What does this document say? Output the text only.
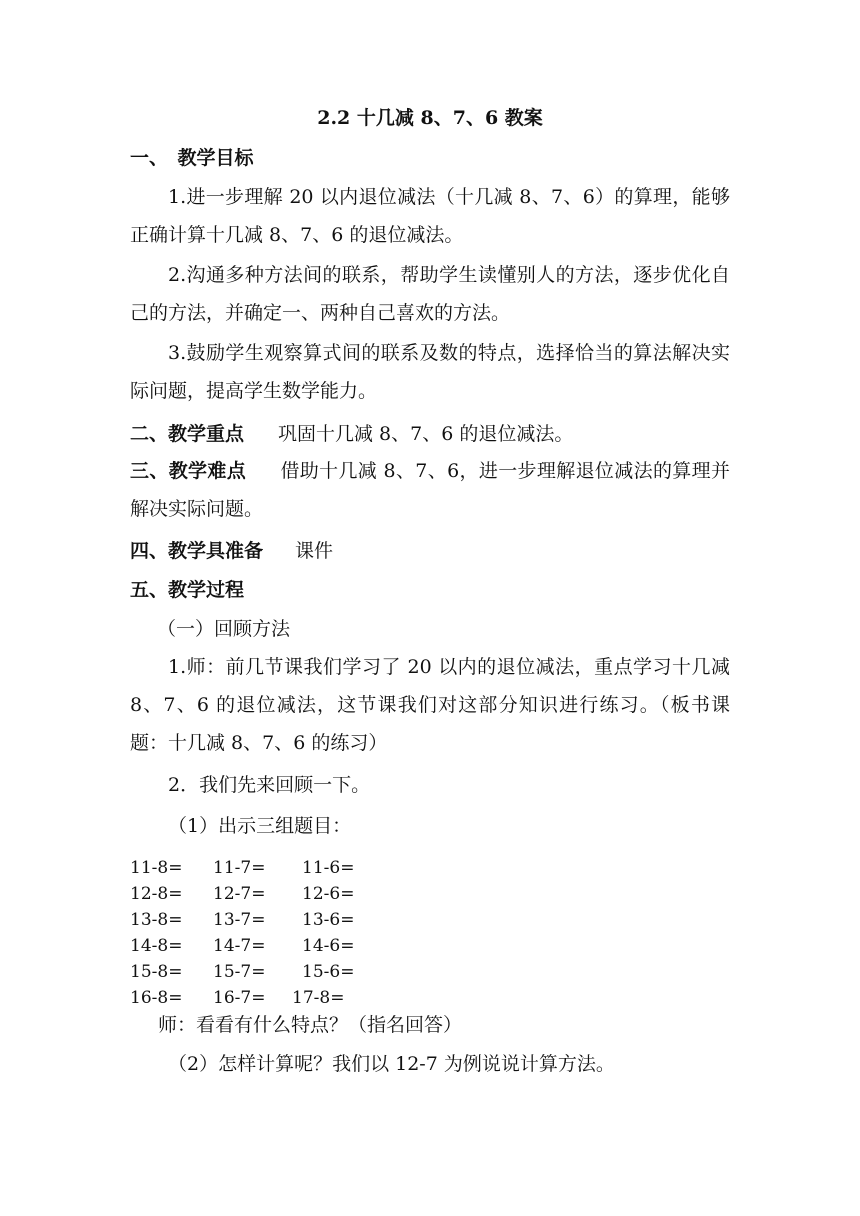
2.2 十几减 8、7、6 教案
一、　教学目标
1.进一步理解 20 以内退位减法（十几减 8、7、6）的算理，能够正确计算十几减 8、7、6 的退位减法。
2.沟通多种方法间的联系，帮助学生读懂别人的方法，逐步优化自己的方法，并确定一、两种自己喜欢的方法。
3.鼓励学生观察算式间的联系及数的特点，选择恰当的算法解决实际问题，提高学生数学能力。
二、教学重点 巩固十几减 8、7、6 的退位减法。
三、教学难点 借助十几减 8、7、6，进一步理解退位减法的算理并解决实际问题。
四、教学具准备 课件
五、教学过程
（一）回顾方法
1.师：前几节课我们学习了 20 以内的退位减法，重点学习十几减 8、7、6 的退位减法，这节课我们对这部分知识进行练习。（板书课题：十几减 8、7、6 的练习）
2．我们先来回顾一下。
（1）出示三组题目：
11-8= 11-7= 11-6=
12-8= 12-7= 12-6=
13-8= 13-7= 13-6=
14-8= 14-7= 14-6=
15-8= 15-7= 15-6=
16-8= 16-7= 17-8=
师：看看有什么特点？（指名回答）
（2）怎样计算呢？我们以 12-7 为例说说计算方法。
